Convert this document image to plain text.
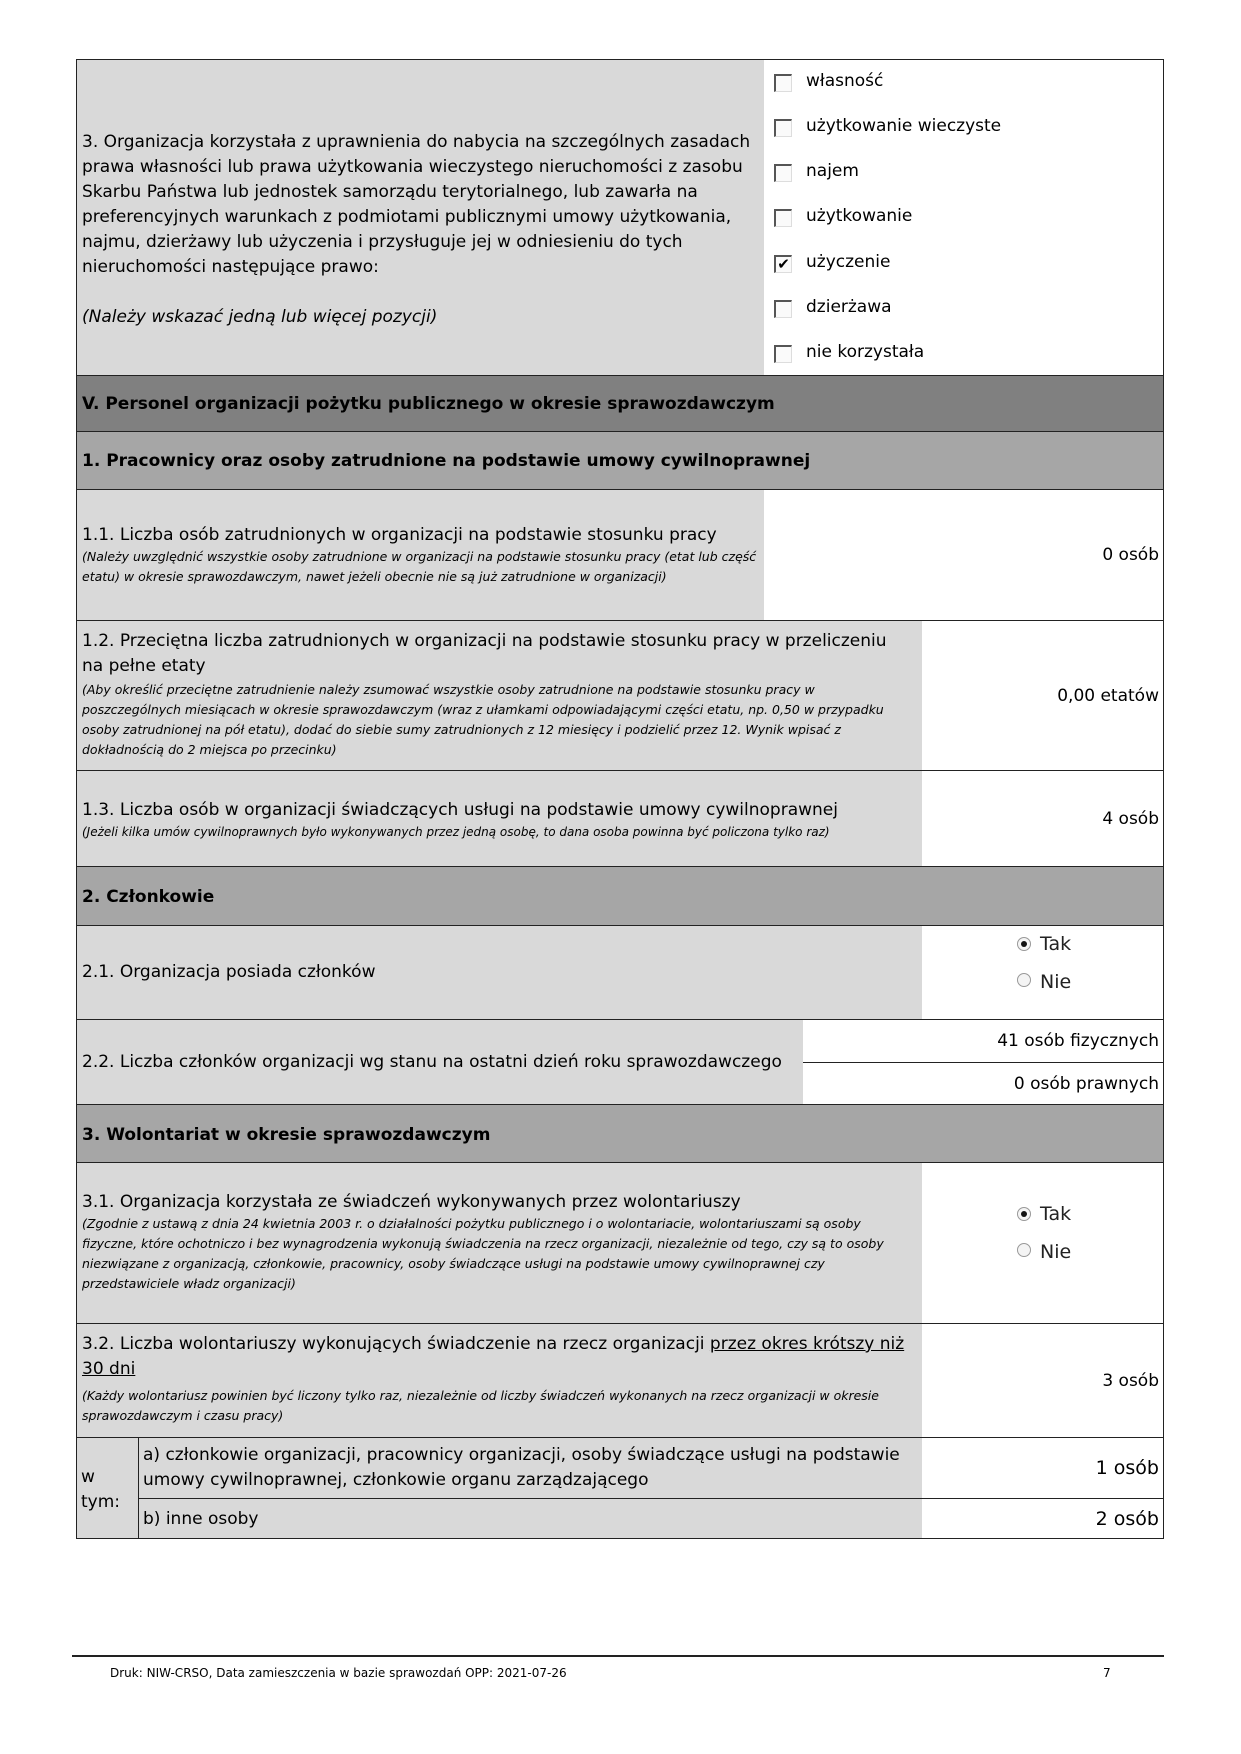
3. Organizacja korzystała z uprawnienia do nabycia na szczególnych zasadach prawa własności lub prawa użytkowania wieczystego nieruchomości z zasobu Skarbu Państwa lub jednostek samorządu terytorialnego, lub zawarła na preferencyjnych warunkach z podmiotami publicznymi umowy użytkowania, najmu, dzierżawy lub użyczenia i przysługuje jej w odniesieniu do tych nieruchomości następujące prawo:
(Należy wskazać jedną lub więcej pozycji)
własność
użytkowanie wieczyste
najem
użytkowanie
✔ użyczenie
dzierżawa
nie korzystała
V. Personel organizacji pożytku publicznego w okresie sprawozdawczym
1. Pracownicy oraz osoby zatrudnione na podstawie umowy cywilnoprawnej
1.1. Liczba osób zatrudnionych w organizacji na podstawie stosunku pracy
(Należy uwzględnić wszystkie osoby zatrudnione w organizacji na podstawie stosunku pracy (etat lub część etatu) w okresie sprawozdawczym, nawet jeżeli obecnie nie są już zatrudnione w organizacji)
0 osób
1.2. Przeciętna liczba zatrudnionych w organizacji na podstawie stosunku pracy w przeliczeniu na pełne etaty
(Aby określić przeciętne zatrudnienie należy zsumować wszystkie osoby zatrudnione na podstawie stosunku pracy w poszczególnych miesiącach w okresie sprawozdawczym (wraz z ułamkami odpowiadającymi części etatu, np. 0,50 w przypadku osoby zatrudnionej na pół etatu), dodać do siebie sumy zatrudnionych z 12 miesięcy i podzielić przez 12. Wynik wpisać z dokładnością do 2 miejsca po przecinku)
0,00 etatów
1.3. Liczba osób w organizacji świadczących usługi na podstawie umowy cywilnoprawnej
(Jeżeli kilka umów cywilnoprawnych było wykonywanych przez jedną osobę, to dana osoba powinna być policzona tylko raz)
4 osób
2. Członkowie
2.1. Organizacja posiada członków
Tak
Nie
2.2. Liczba członków organizacji wg stanu na ostatni dzień roku sprawozdawczego
41 osób fizycznych
0 osób prawnych
3. Wolontariat w okresie sprawozdawczym
3.1. Organizacja korzystała ze świadczeń wykonywanych przez wolontariuszy
(Zgodnie z ustawą z dnia 24 kwietnia 2003 r. o działalności pożytku publicznego i o wolontariacie, wolontariuszami są osoby fizyczne, które ochotniczo i bez wynagrodzenia wykonują świadczenia na rzecz organizacji, niezależnie od tego, czy są to osoby niezwiązane z organizacją, członkowie, pracownicy, osoby świadczące usługi na podstawie umowy cywilnoprawnej czy przedstawiciele władz organizacji)
Tak
Nie
3.2. Liczba wolontariuszy wykonujących świadczenie na rzecz organizacji przez okres krótszy niż 30 dni
(Każdy wolontariusz powinien być liczony tylko raz, niezależnie od liczby świadczeń wykonanych na rzecz organizacji w okresie sprawozdawczym i czasu pracy)
3 osób
w tym:
a) członkowie organizacji, pracownicy organizacji, osoby świadczące usługi na podstawie umowy cywilnoprawnej, członkowie organu zarządzającego
1 osób
b) inne osoby	2 osób
Druk: NIW-CRSO, Data zamieszczenia w bazie sprawozdań OPP: 2021-07-26	7
